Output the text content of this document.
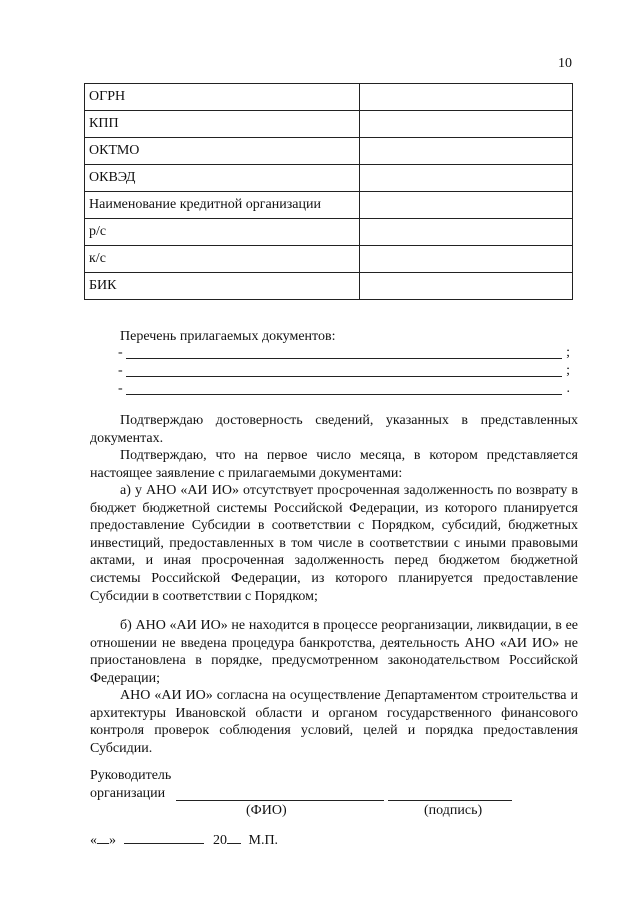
10
ОГРН	
КПП	
ОКТМО	
ОКВЭД	
Наименование кредитной организации	
р/с	
к/с	
БИК	
Перечень прилагаемых документов:
-	;
-	;
-	.
Подтверждаю достоверность сведений, указанных в представленных документах.
Подтверждаю, что на первое число месяца, в котором представляется настоящее заявление с прилагаемыми документами:
а) у АНО «АИ ИО» отсутствует просроченная задолженность по возврату в бюджет бюджетной системы Российской Федерации, из которого планируется предоставление Субсидии в соответствии с Порядком, субсидий, бюджетных инвестиций, предоставленных в том числе в соответствии с иными правовыми актами, и иная просроченная задолженность перед бюджетом бюджетной системы Российской Федерации, из которого планируется предоставление Субсидии в соответствии с Порядком;
б) АНО «АИ ИО» не находится в процессе реорганизации, ликвидации, в ее отношении не введена процедура банкротства, деятельность АНО «АИ ИО» не приостановлена в порядке, предусмотренном законодательством Российской Федерации;
АНО «АИ ИО» согласна на осуществление Департаментом строительства и архитектуры Ивановской области и органом государственного финансового контроля проверок соблюдения условий, целей и порядка предоставления Субсидии.
Руководитель
организации
(ФИО)	(подпись)
« »	20 М.П.
